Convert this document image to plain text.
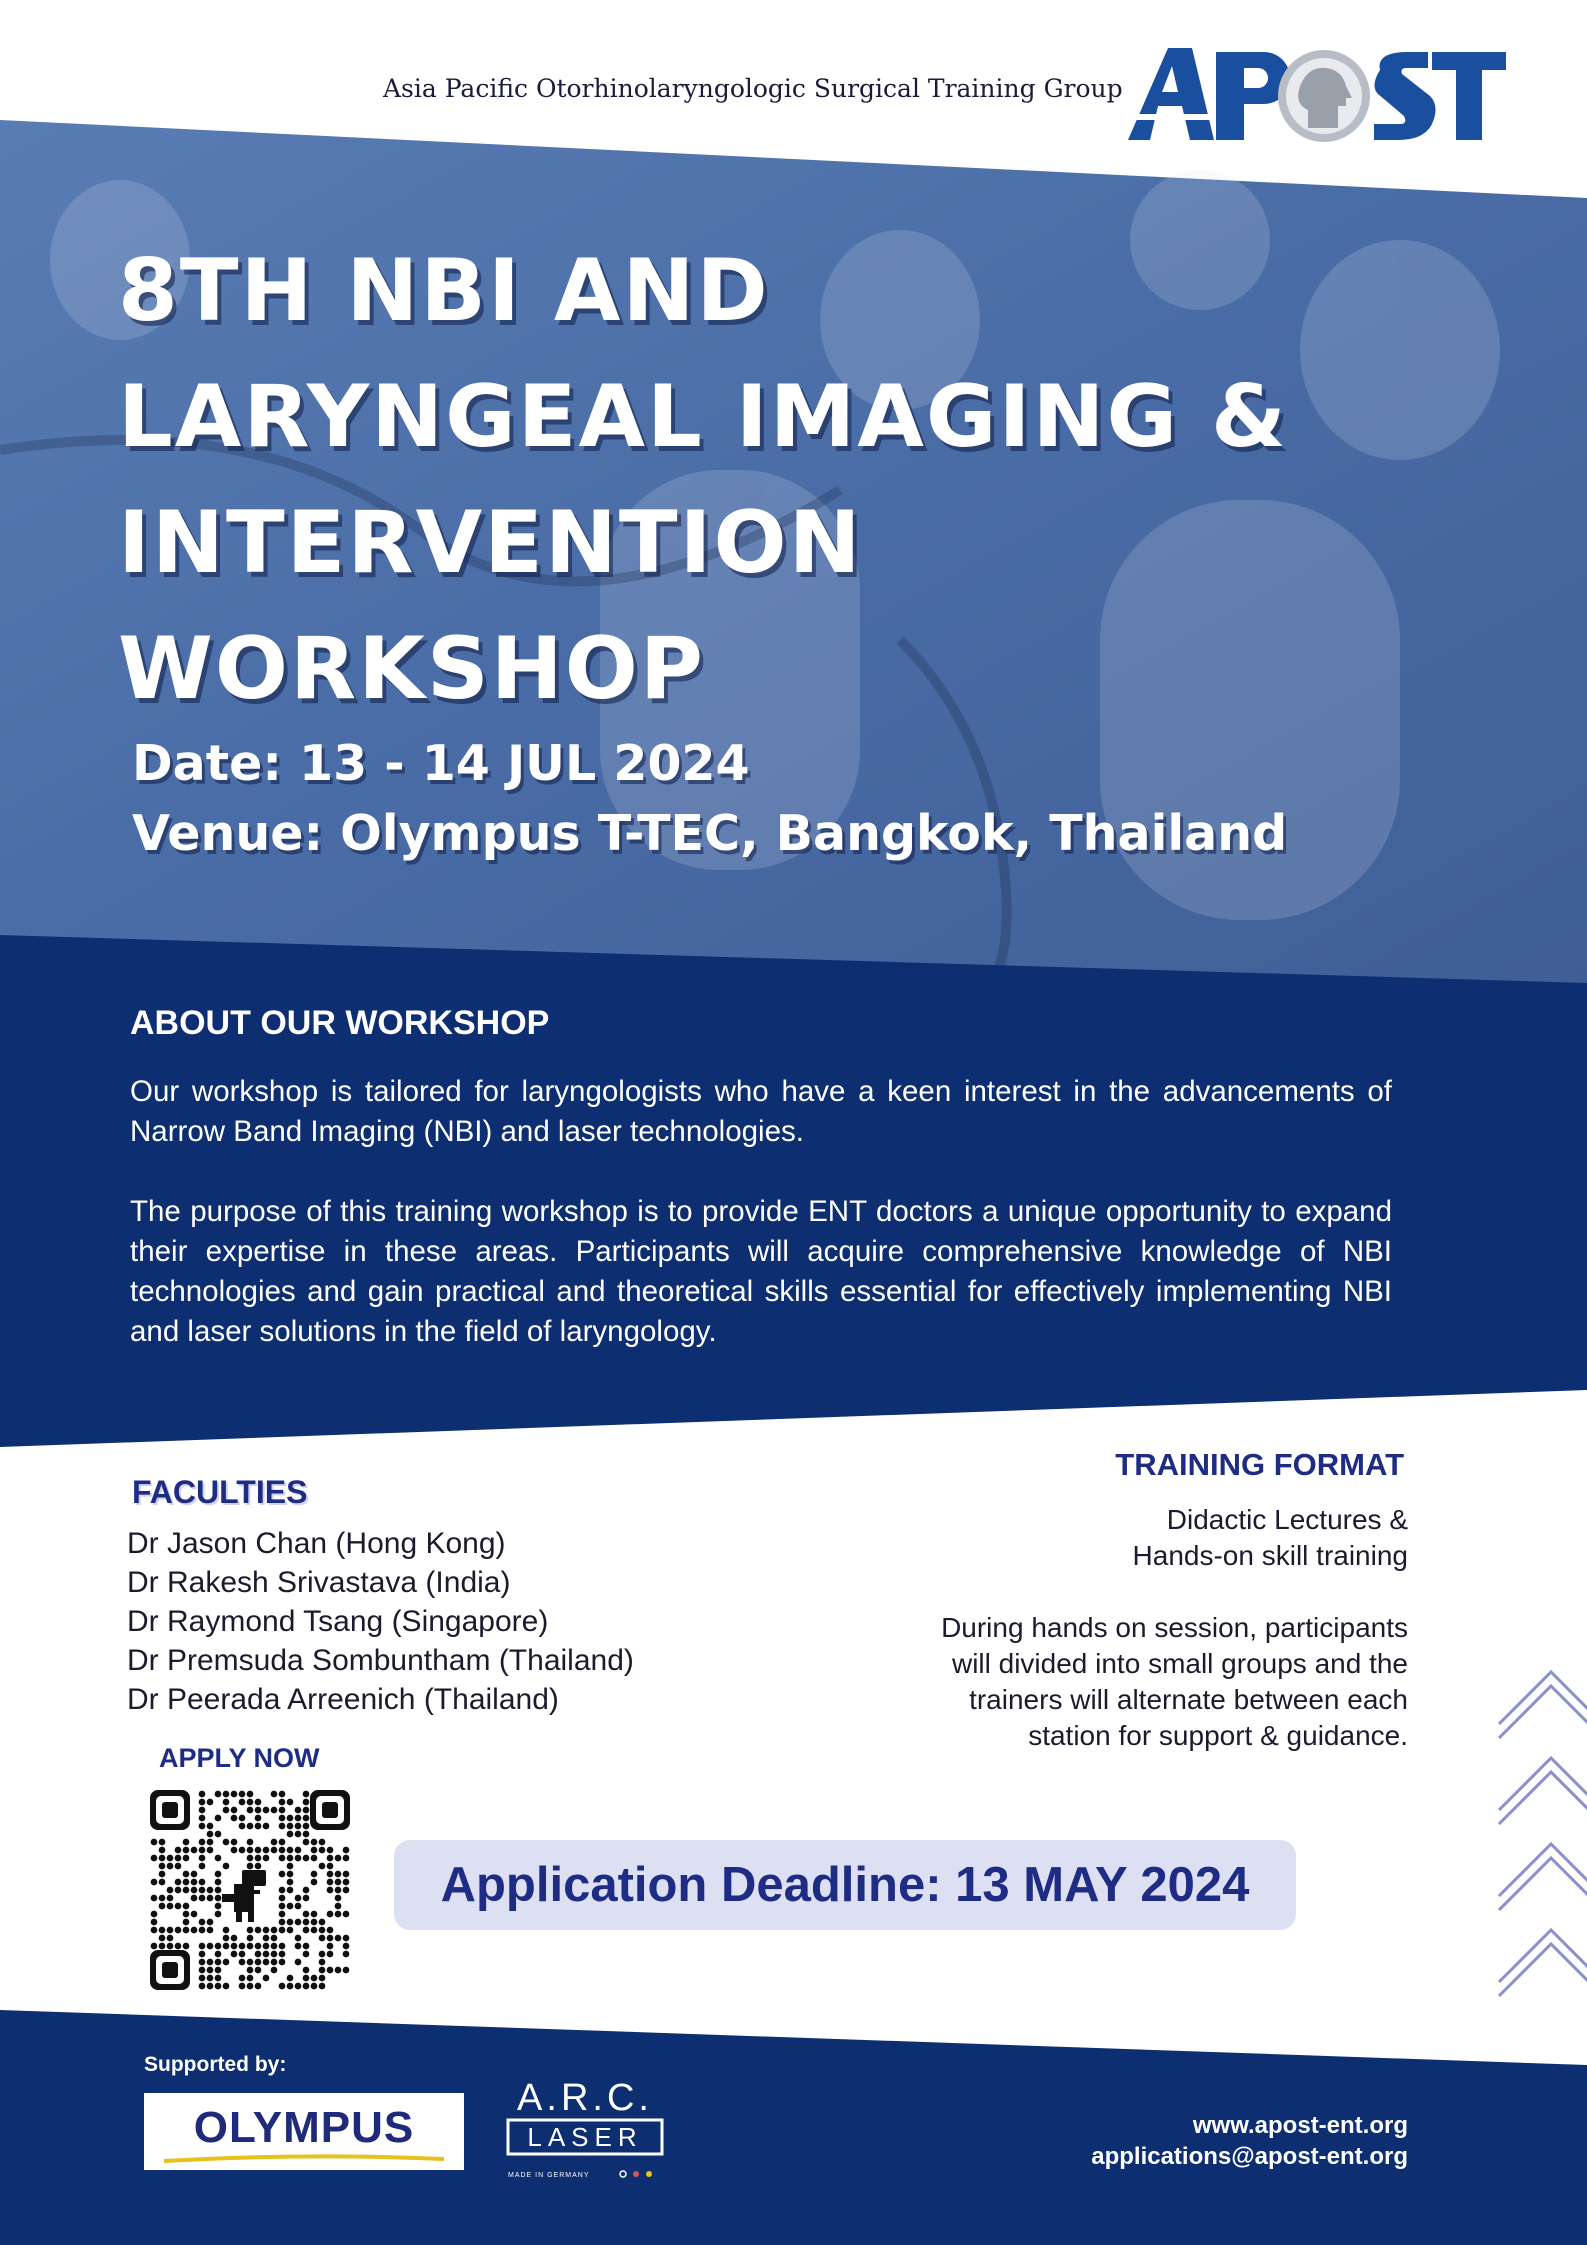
Asia Pacific Otorhinolaryngologic Surgical Training Group
8TH NBI AND
LARYNGEAL IMAGING &
INTERVENTION
WORKSHOP
Date: 13 - 14 JUL 2024
Venue: Olympus T-TEC, Bangkok, Thailand
ABOUT OUR WORKSHOP

Our workshop is tailored for laryngologists who have a keen interest in the advancements of Narrow Band Imaging (NBI) and laser technologies.

The purpose of this training workshop is to provide ENT doctors a unique opportunity to expand their expertise in these areas. Participants will acquire comprehensive knowledge of NBI technologies and gain practical and theoretical skills essential for effectively implementing NBI and laser solutions in the field of laryngology.

FACULTIES
Dr Jason Chan (Hong Kong)
Dr Rakesh Srivastava (India)
Dr Raymond Tsang (Singapore)
Dr Premsuda Sombuntham (Thailand)
Dr Peerada Arreenich (Thailand)
TRAINING FORMAT
Didactic Lectures &
Hands-on skill training
During hands on session, participants
will divided into small groups and the
trainers will alternate between each
station for support & guidance.
APPLY NOW
Application Deadline: 13 MAY 2024
Supported by:
OLYMPUS
A.R.C.
LASER
MADE IN GERMANY
www.apost-ent.org
applications@apost-ent.org
